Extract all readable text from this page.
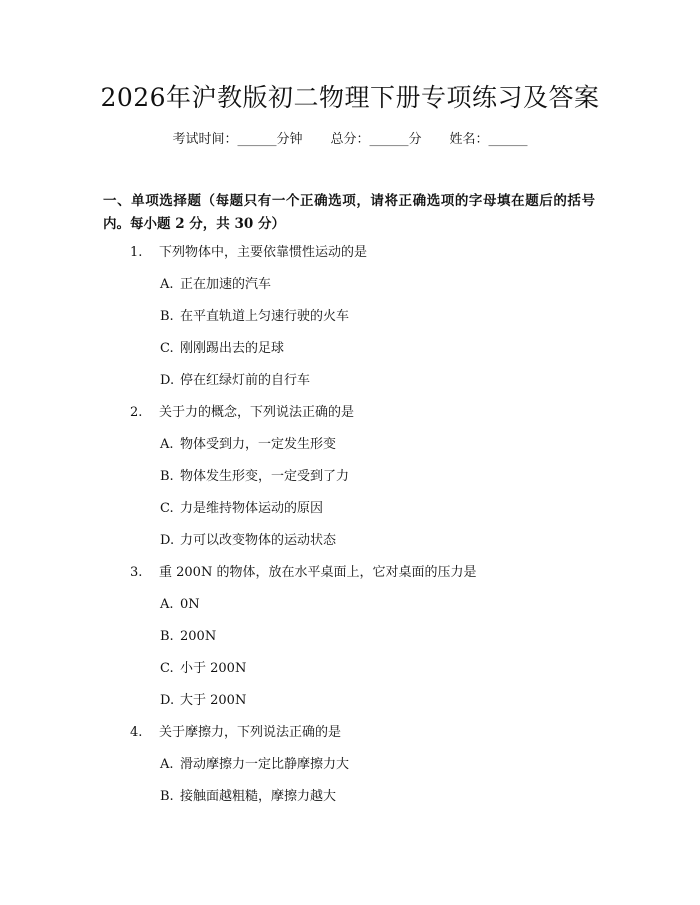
2026年沪教版初二物理下册专项练习及答案
考试时间：______分钟 总分：______分 姓名：______
一、单项选择题（每题只有一个正确选项，请将正确选项的字母填在题后的括号内。每小题 2 分，共 30 分）
1. 下列物体中，主要依靠惯性运动的是
A. 正在加速的汽车
B. 在平直轨道上匀速行驶的火车
C. 刚刚踢出去的足球
D. 停在红绿灯前的自行车
2. 关于力的概念，下列说法正确的是
A. 物体受到力，一定发生形变
B. 物体发生形变，一定受到了力
C. 力是维持物体运动的原因
D. 力可以改变物体的运动状态
3. 重 200N 的物体，放在水平桌面上，它对桌面的压力是
A. 0N
B. 200N
C. 小于 200N
D. 大于 200N
4. 关于摩擦力，下列说法正确的是
A. 滑动摩擦力一定比静摩擦力大
B. 接触面越粗糙，摩擦力越大
